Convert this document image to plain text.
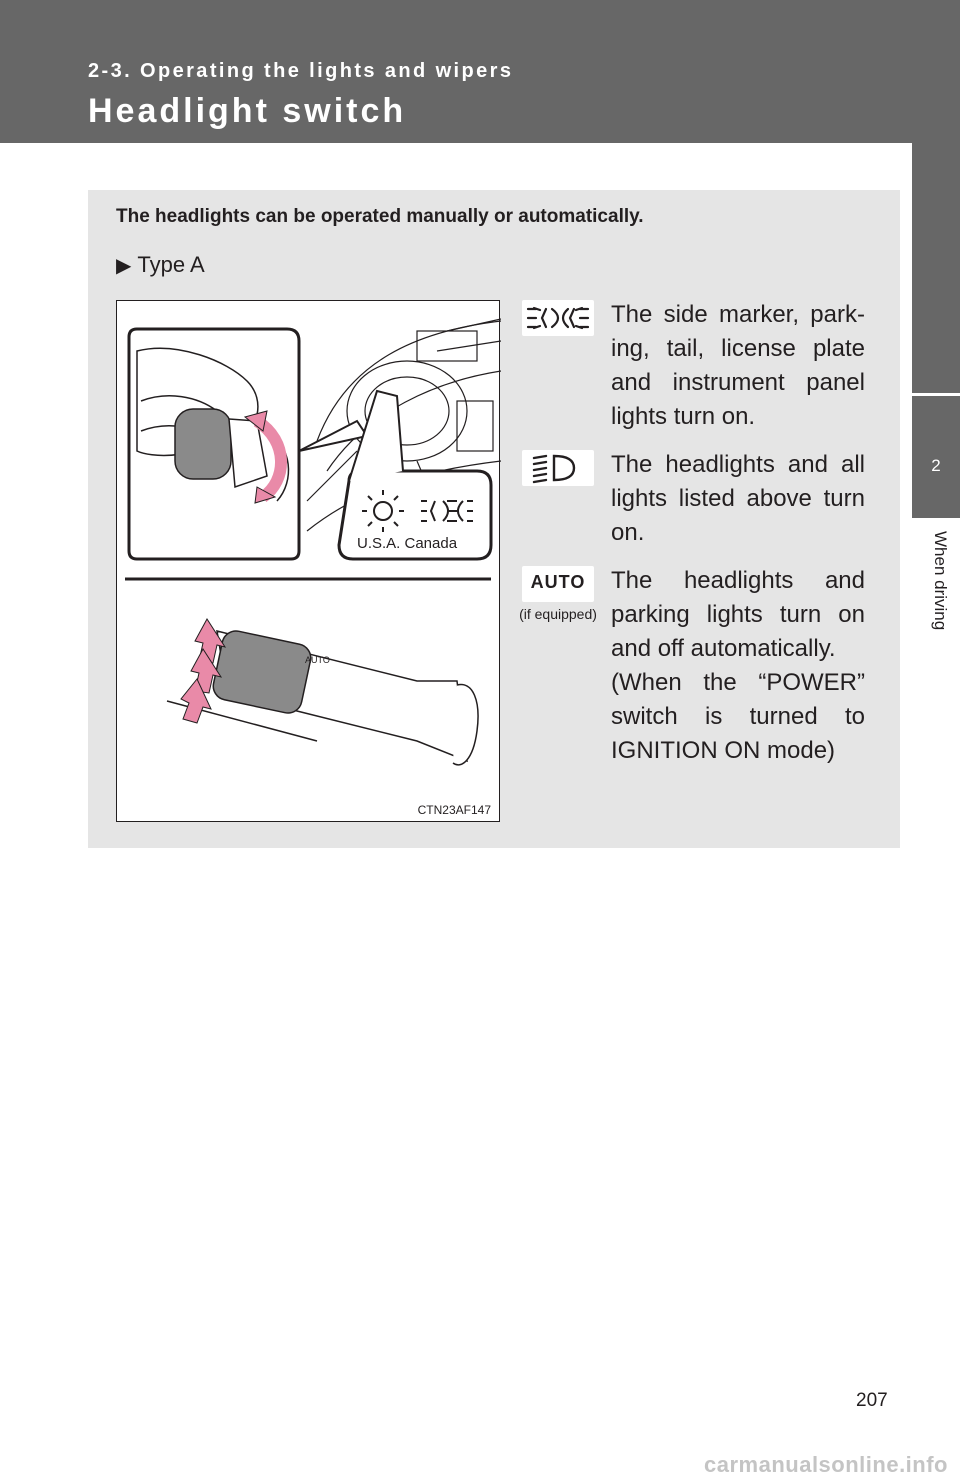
2-3. Operating the lights and wipers
Headlight switch
2
When driving
The headlights can be operated manually or automatically.
▶ Type A
AUTO
U.S.A. Canada
CTN23AF147
The side marker, park-ing, tail, license plate and instrument panel lights turn on.
The headlights and all lights listed above turn on.
AUTO
(if equipped)
The headlights and parking lights turn on and off automatically.
(When the “POWER” switch is turned to IGNITION ON mode)
207
carmanualsonline.info
